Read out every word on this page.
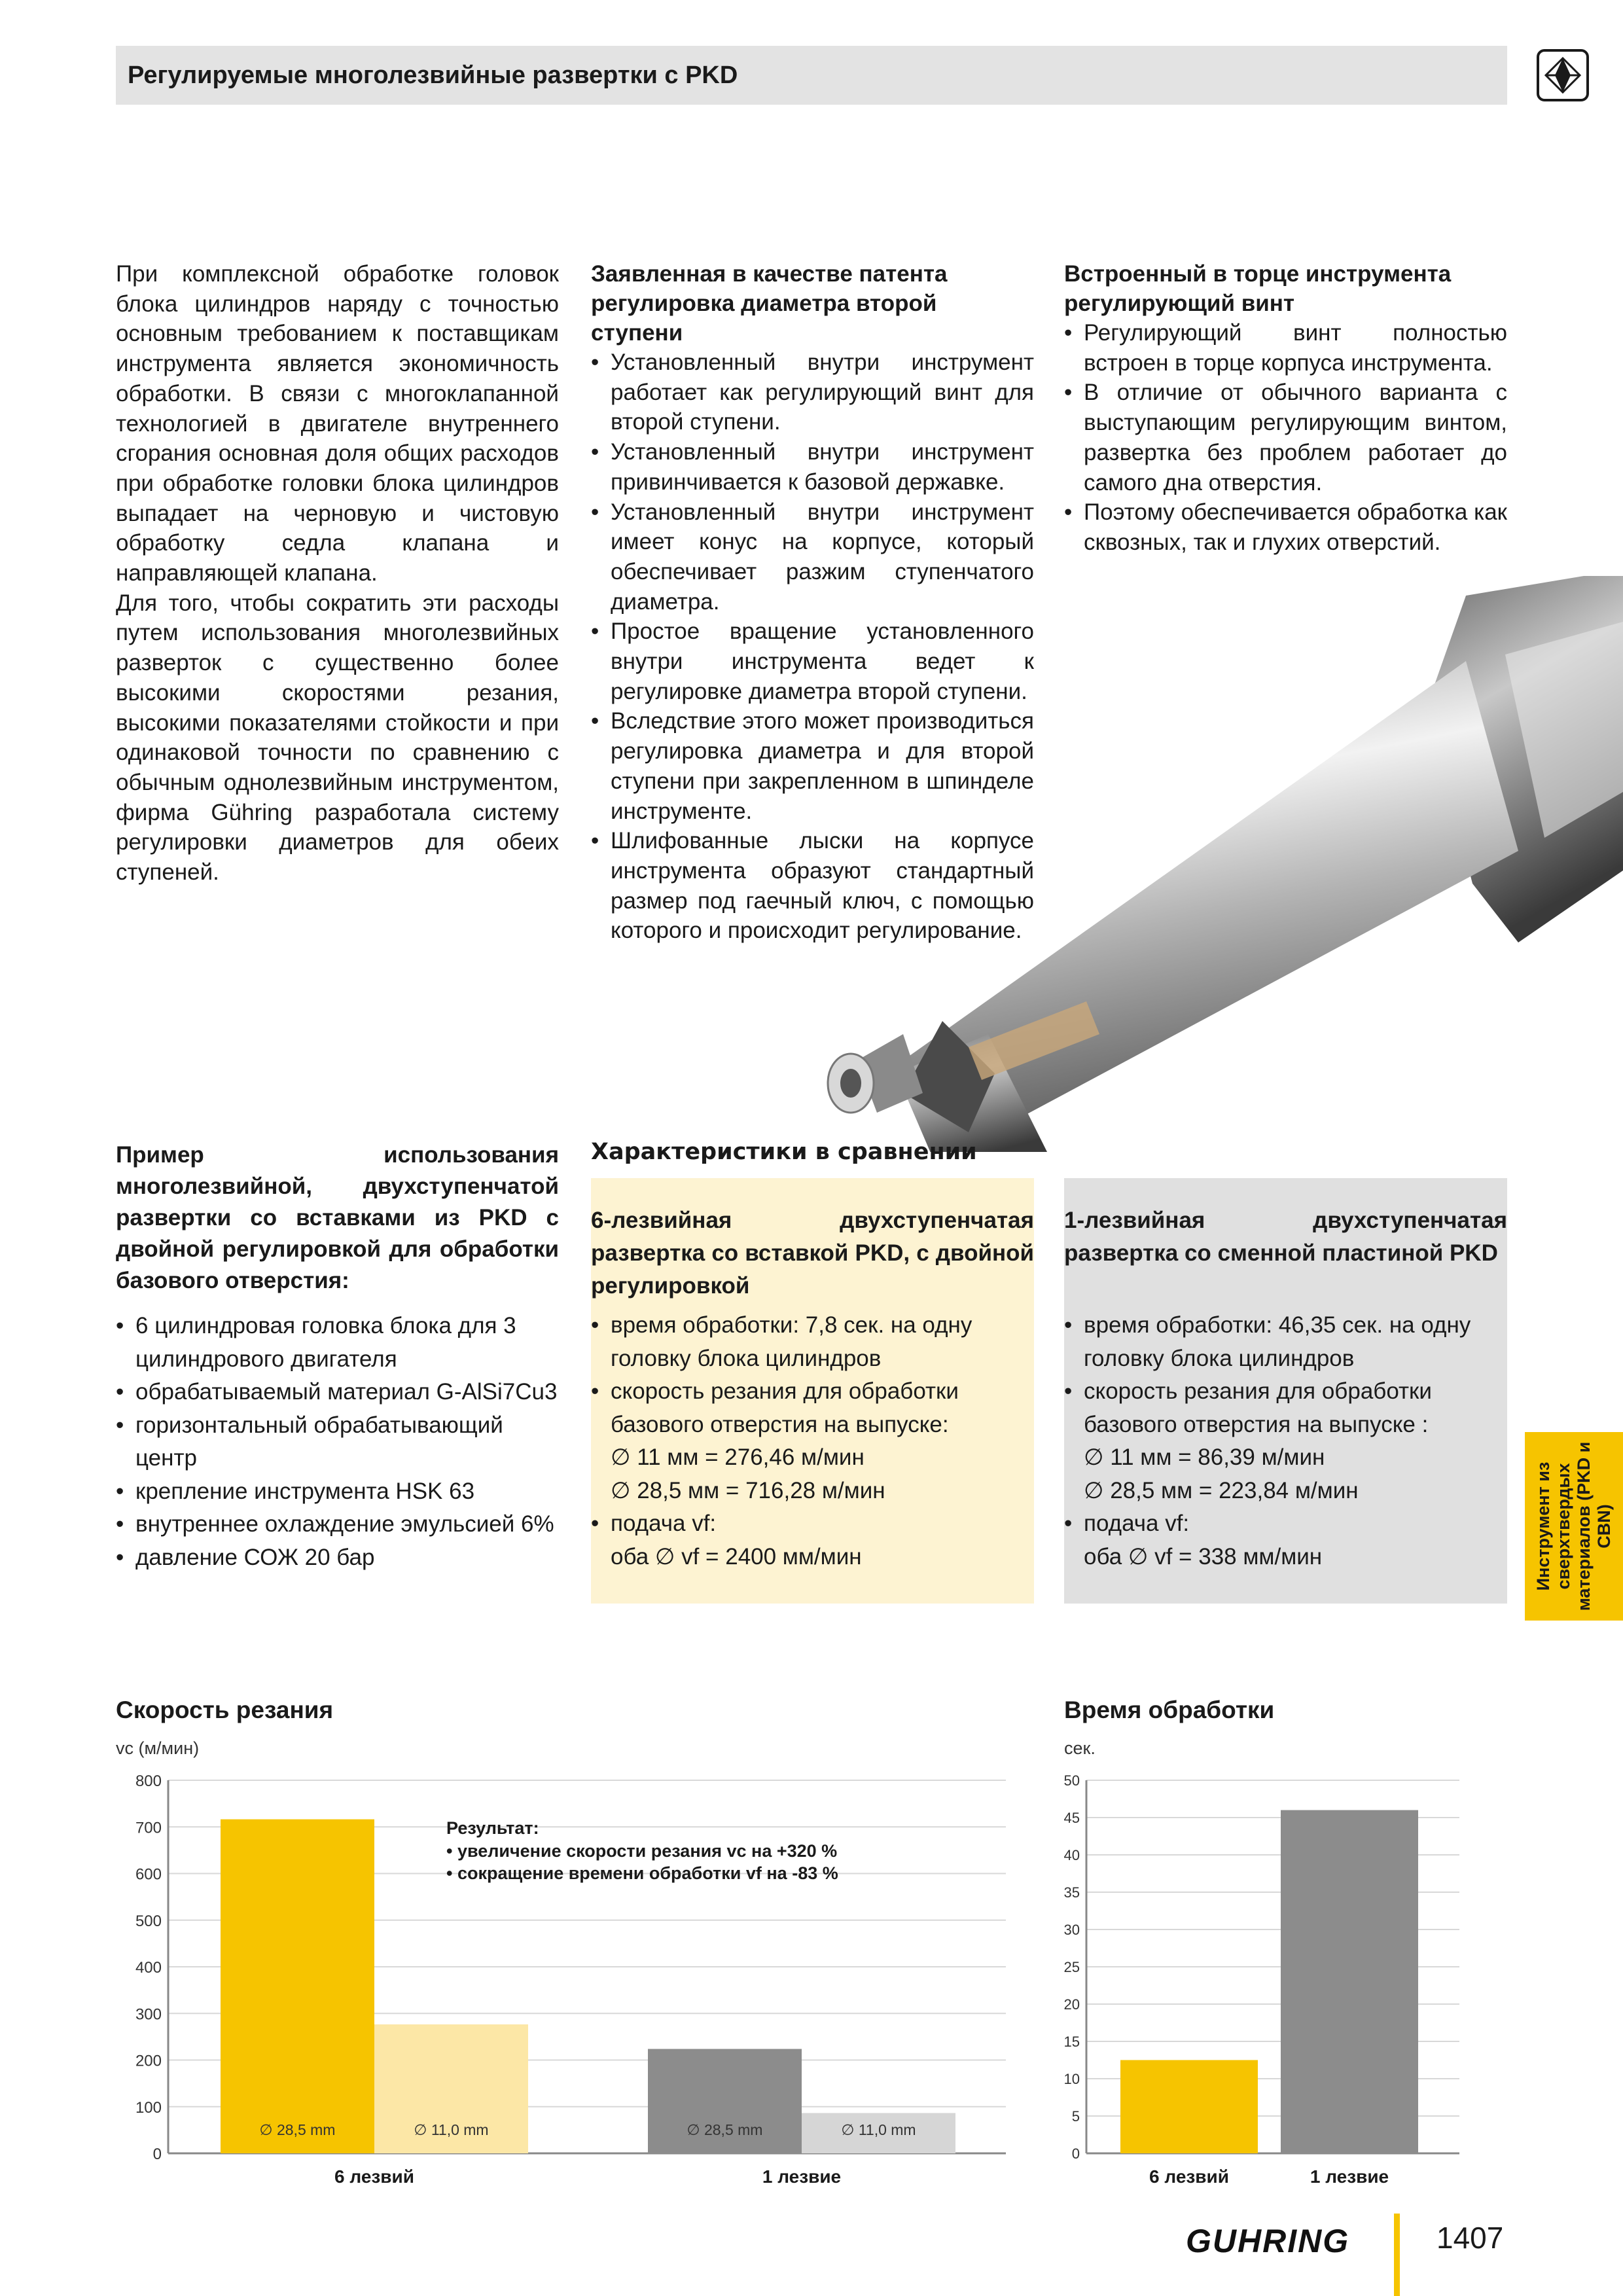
Регулируемые многолезвийные развертки с PKD

При комплексной обработке головок блока цилиндров наряду с точностью основным требованием к поставщикам инструмента является экономичность обработки. В связи с многоклапанной технологией в двигателе внутреннего сгорания основная доля общих расходов при обработке головки блока цилиндров выпадает на черновую и чистовую обработку седла клапана и направляющей клапана.

Для того, чтобы сократить эти расходы путем использования многолезвийных разверток с существенно более высокими скоростями резания, высокими показателями стойкости и при одинаковой точности по сравнению с обычным однолезвийным инструментом, фирма Gühring разработала систему регулировки диаметров для обеих ступеней.

Заявленная в качестве патента регулировка диаметра второй ступени
• Установленный внутри инструмент работает как регулирующий винт для второй ступени.
• Установленный внутри инструмент привинчивается к базовой державке.
• Установленный внутри инструмент имеет конус на корпусе, который обеспечивает разжим ступенчатого диаметра.
• Простое вращение установленного внутри инструмента ведет к регулировке диаметра второй ступени.
• Вследствие этого может производиться регулировка диаметра и для второй ступени при закрепленном в шпинделе инструменте.
• Шлифованные лыски на корпусе инструмента образуют стандартный размер под гаечный ключ, с помощью которого и происходит регулирование.
Встроенный в торце инструмента регулирующий винт
• Регулирующий винт полностью встроен в торце корпуса инструмента.
• В отличие от обычного варианта с выступающим регулирующим винтом, развертка без проблем работает до самого дна отверстия.
• Поэтому обеспечивается обработка как сквозных, так и глухих отверстий.
Пример использования многолезвийной, двухступенчатой развертки со вставками из PKD с двойной регулировкой для обработки базового отверстия:
• 6 цилиндровая головка блока для 3 цилиндрового двигателя
• обрабатываемый материал G-AlSi7Cu3
• горизонтальный обрабатывающий центр
• крепление инструмента HSK 63
• внутреннее охлаждение эмульсией 6%
• давление СОЖ 20 бар
Характеристики в сравнении
6-лезвийная двухступенчатая развертка со вставкой PKD, с двойной регулировкой
• время обработки: 7,8 сек. на одну головку блока цилиндров
• скорость резания для обработки базового отверстия на выпуске:
∅ 11 мм = 276,46 м/мин
∅ 28,5 мм = 716,28 м/мин
• подача vf:
оба ∅ vf = 2400 мм/мин
1-лезвийная двухступенчатая развертка со сменной пластиной PKD
• время обработки: 46,35 сек. на одну головку блока цилиндров
• скорость резания для обработки базового отверстия на выпуске :
∅ 11 мм = 86,39 м/мин
∅ 28,5 мм = 223,84 м/мин
• подача vf:
оба ∅ vf = 338 мм/мин	Инструмент из сверхтвердых материалов (PKD и CBN)
Скорость резания
vc (м/мин)
0
100
200
300
400
500
600
700
800
∅ 28,5 mm	∅ 11,0 mm
6 лезвий
∅ 28,5 mm	∅ 11,0 mm
1 лезвие
Результат:
• увеличение скорости резания vc на +320 %
• сокращение времени обработки vf на -83 %
Время обработки
сек.
0
5
10
15
20
25
30
35
40
45
50
6 лезвий	1 лезвие
GUHRING	1407
